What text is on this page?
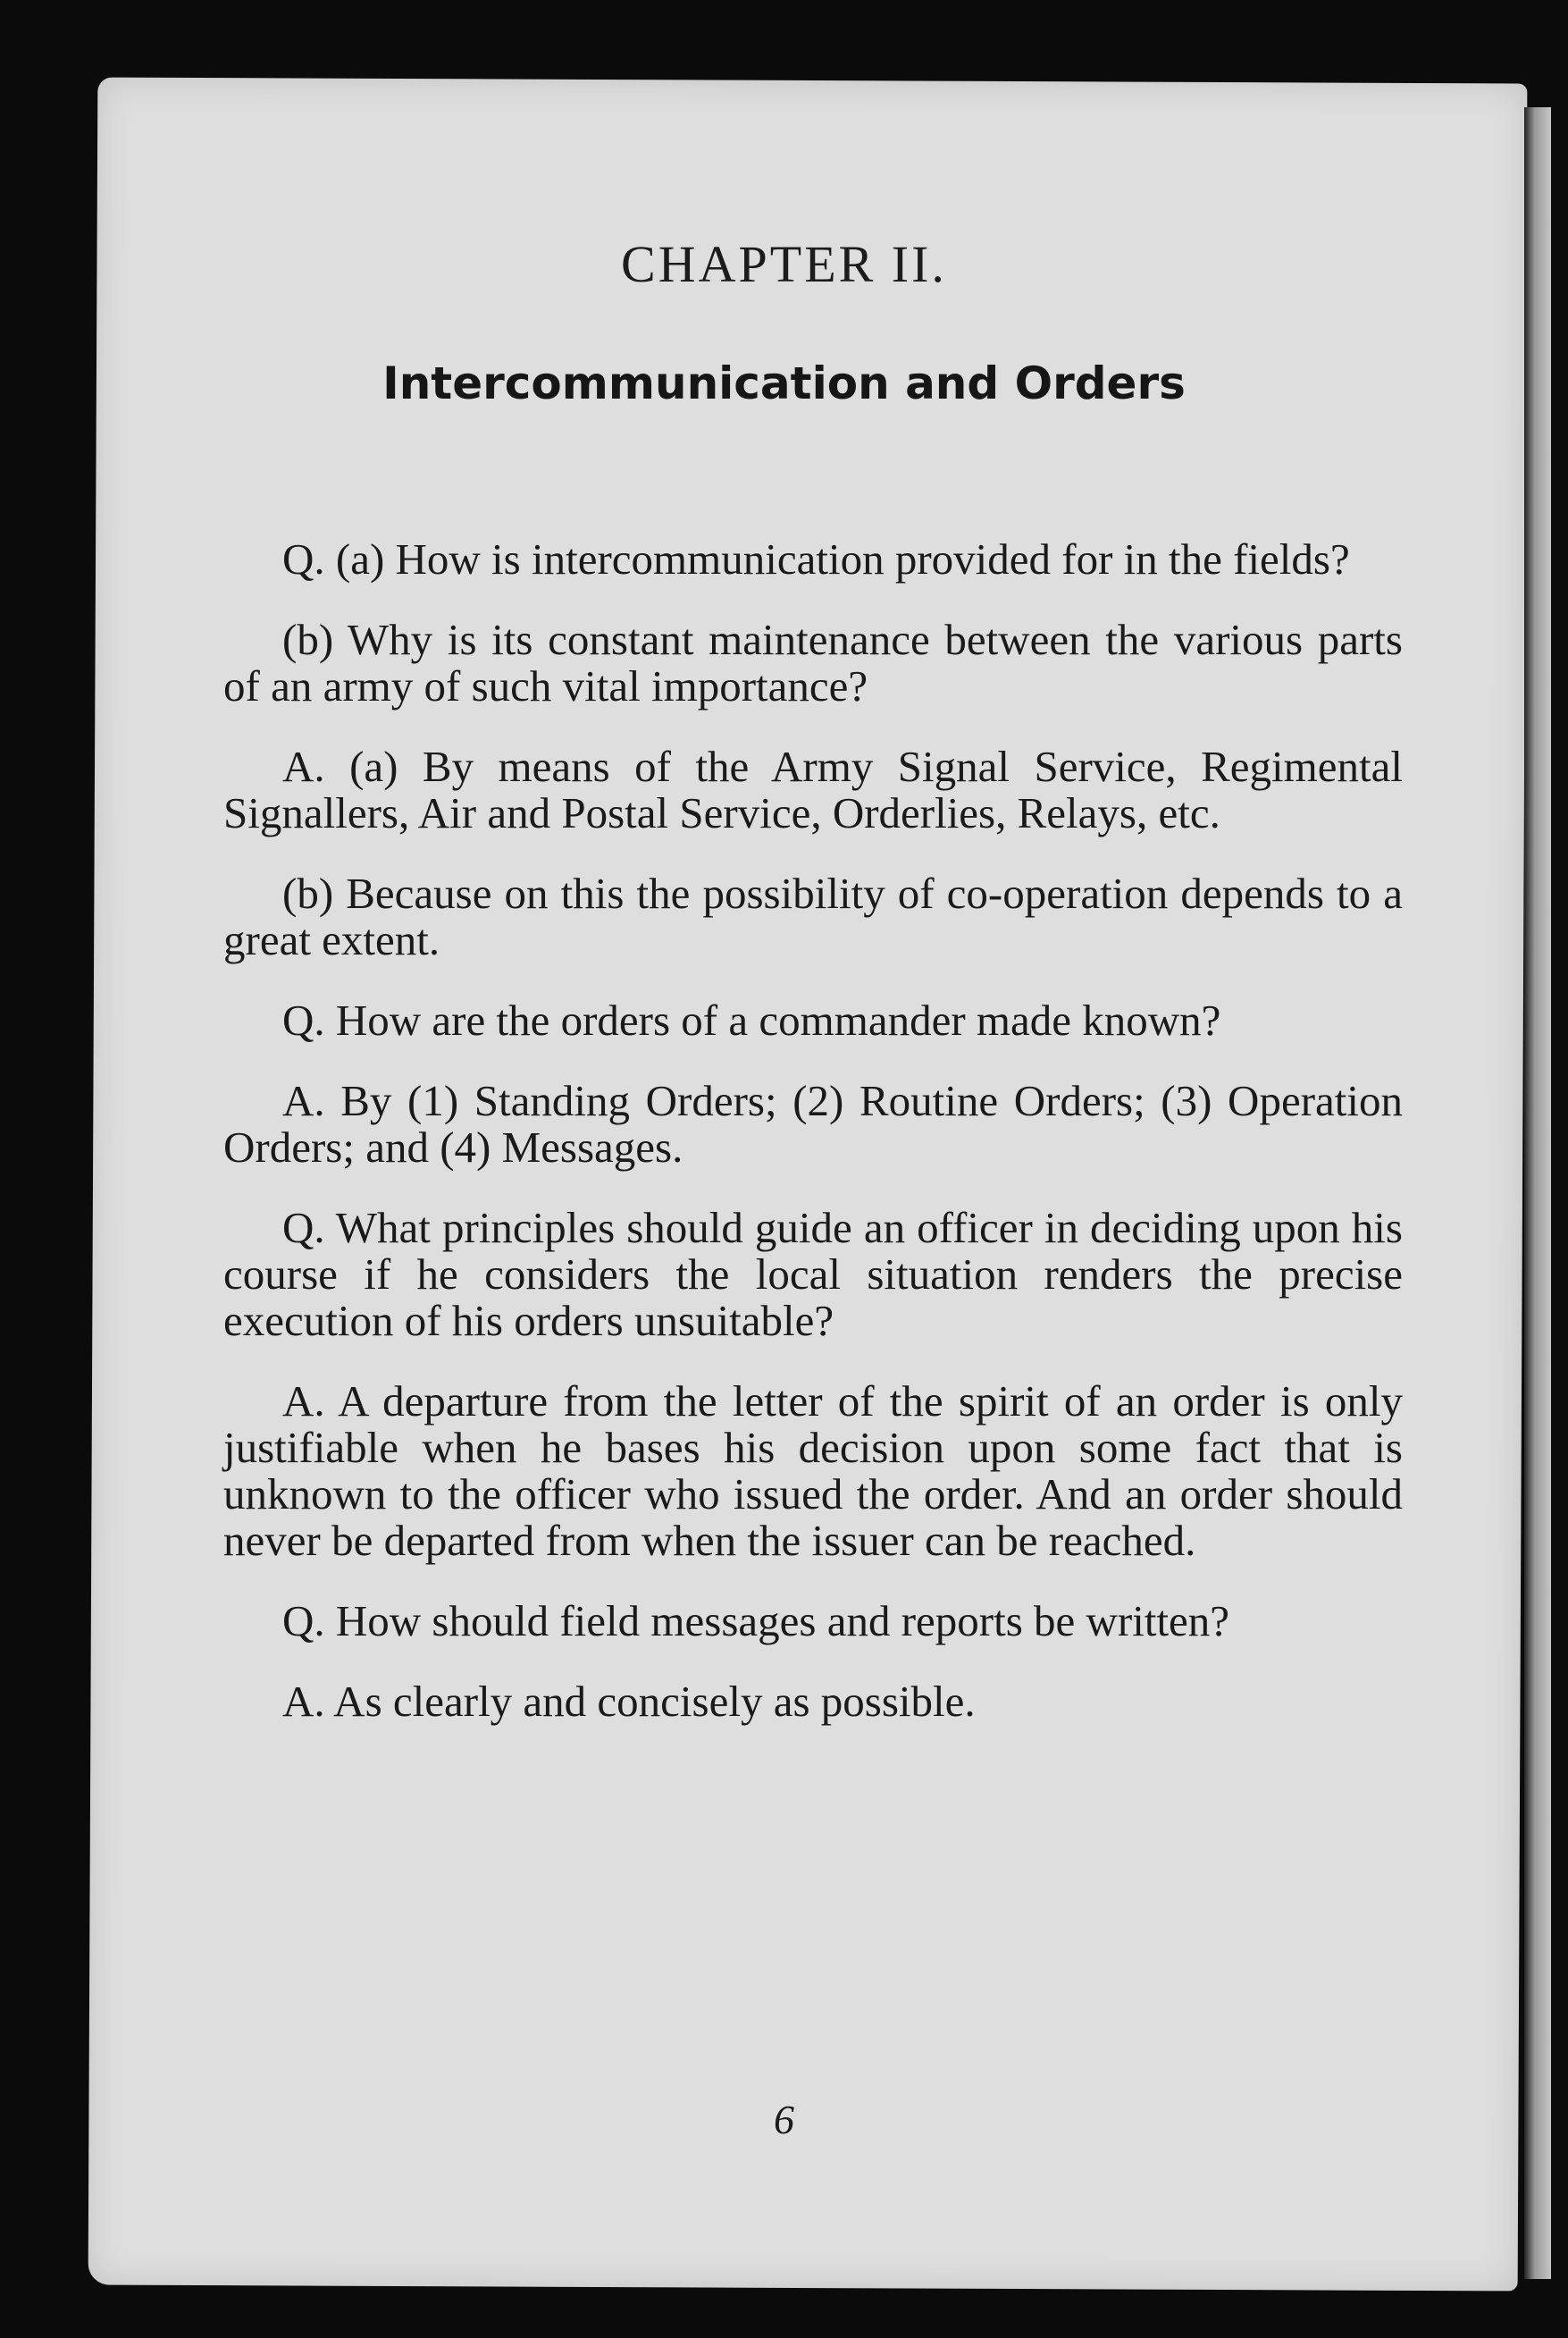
CHAPTER II.
Intercommunication and Orders

Q. (a) How is intercommunication provided for in the fields?

(b) Why is its constant maintenance between the various parts of an army of such vital importance?

A. (a) By means of the Army Signal Service, Regimental Signallers, Air and Postal Service, Orderlies, Relays, etc.

(b) Because on this the possibility of co-operation depends to a great extent.

Q. How are the orders of a commander made known?

A. By (1) Standing Orders; (2) Routine Orders; (3) Operation Orders; and (4) Messages.

Q. What principles should guide an officer in deciding upon his course if he considers the local situation renders the precise execution of his orders unsuitable?

A. A departure from the letter of the spirit of an order is only justifiable when he bases his decision upon some fact that is unknown to the officer who issued the order. And an order should never be departed from when the issuer can be reached.

Q. How should field messages and reports be written?

A. As clearly and concisely as possible.

6
